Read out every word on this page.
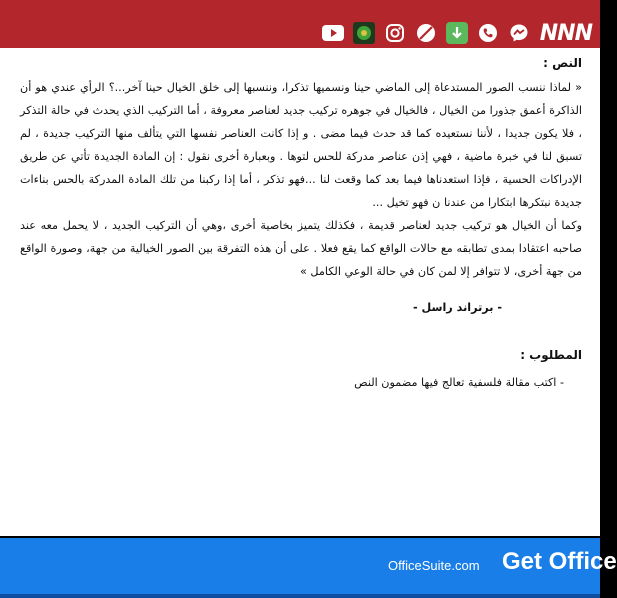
NNN
النص :

« لماذا ننسب الصور المستدعاة إلى الماضي حينا ونسميها تذكرا، وننسبها إلى خلق الخيال حينا آخر...؟ الرأي عندي هو أن الذاكرة أعمق جذورا من الخيال ، فالخيال في جوهره تركيب جديد لعناصر معروفة ، أما التركيب الذي يحدث في حالة التذكر ، فلا يكون جديدا ، لأننا نستعيده كما قد حدث فيما مضى . و إذا كانت العناصر نفسها التي يتألف منها التركيب جديدة ، لم تسبق لنا في خبرة ماضية ، فهي إذن عناصر مدركة للحس لتوها . وبعبارة أخرى نقول : إن المادة الجديدة تأتي عن طريق الإدراكات الحسية ، فإذا استعدناها فيما بعد كما وقعت لنا ...فهو تذكر ، أما إذا ركبنا من تلك المادة المدركة بالحس بناءات جديدة نبتكرها ابتكارا من عندنا ن فهو تخيل ...

وكما أن الخيال هو تركيب جديد لعناصر قديمة ، فكذلك يتميز بخاصية أخرى ،وهي أن التركيب الجديد ، لا يحمل معه عند صاحبه اعتقادا بمدى تطابقه مع حالات الواقع كما يقع فعلا . على أن هذه التفرقة بين الصور الخيالية من جهة، وصورة الواقع من جهة أخرى، لا تتوافر إلا لمن كان في حالة الوعي الكامل »

- برتراند راسل -
المطلوب :
- اكتب مقالة فلسفية تعالج فيها مضمون النص
OfficeSuite.com Get Office
